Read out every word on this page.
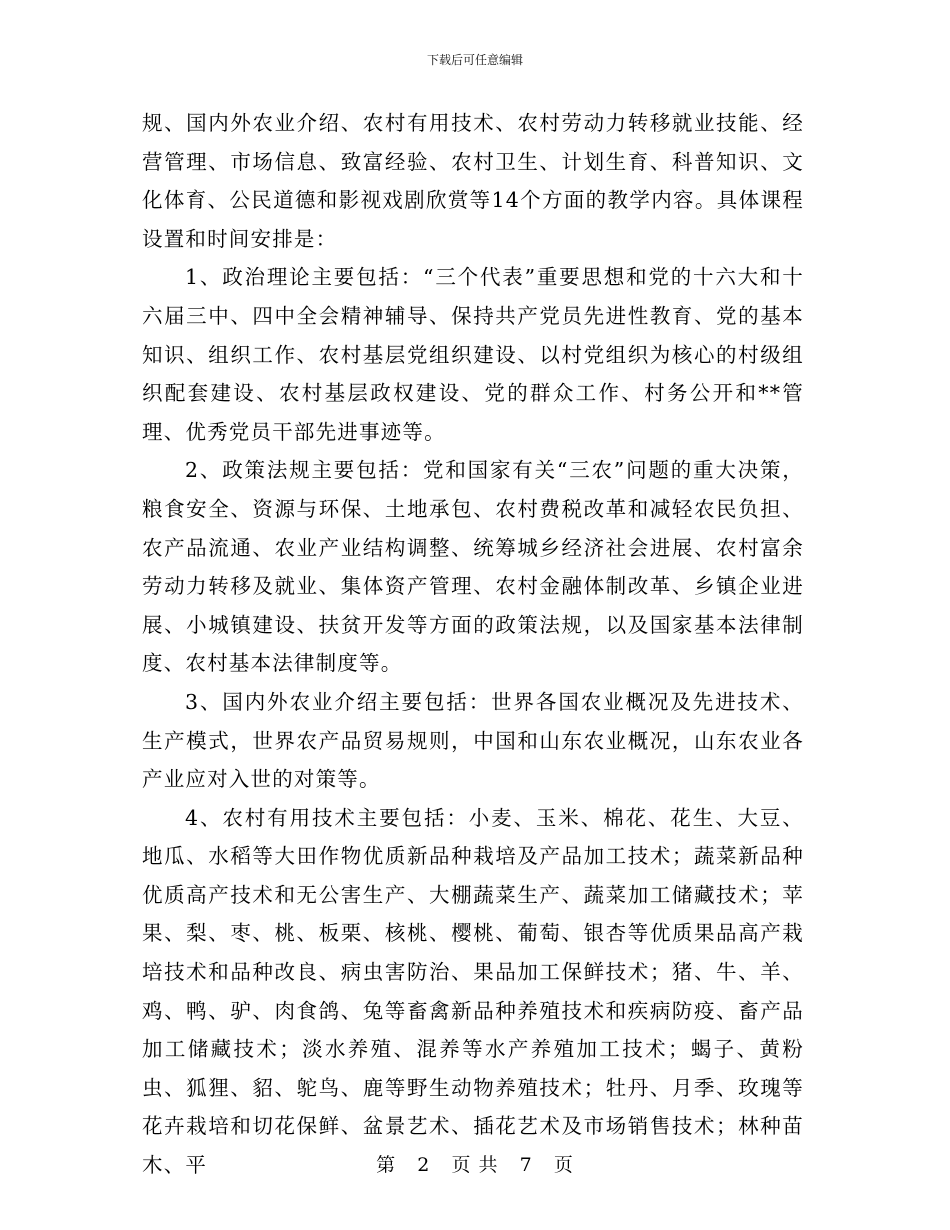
下载后可任意编辑

规、国内外农业介绍、农村有用技术、农村劳动力转移就业技能、经营管理、市场信息、致富经验、农村卫生、计划生育、科普知识、文化体育、公民道德和影视戏剧欣赏等14个方面的教学内容。具体课程设置和时间安排是：

1、政治理论主要包括：“三个代表”重要思想和党的十六大和十六届三中、四中全会精神辅导、保持共产党员先进性教育、党的基本知识、组织工作、农村基层党组织建设、以村党组织为核心的村级组织配套建设、农村基层政权建设、党的群众工作、村务公开和**管理、优秀党员干部先进事迹等。

2、政策法规主要包括：党和国家有关“三农”问题的重大决策，粮食安全、资源与环保、土地承包、农村费税改革和减轻农民负担、农产品流通、农业产业结构调整、统筹城乡经济社会进展、农村富余劳动力转移及就业、集体资产管理、农村金融体制改革、乡镇企业进展、小城镇建设、扶贫开发等方面的政策法规，以及国家基本法律制度、农村基本法律制度等。

3、国内外农业介绍主要包括：世界各国农业概况及先进技术、生产模式，世界农产品贸易规则，中国和山东农业概况，山东农业各产业应对入世的对策等。

4、农村有用技术主要包括：小麦、玉米、棉花、花生、大豆、地瓜、水稻等大田作物优质新品种栽培及产品加工技术；蔬菜新品种优质高产技术和无公害生产、大棚蔬菜生产、蔬菜加工储藏技术；苹果、梨、枣、桃、板栗、核桃、樱桃、葡萄、银杏等优质果品高产栽培技术和品种改良、病虫害防治、果品加工保鲜技术；猪、牛、羊、鸡、鸭、驴、肉食鸽、兔等畜禽新品种养殖技术和疾病防疫、畜产品加工储藏技术；淡水养殖、混养等水产养殖加工技术；蝎子、黄粉虫、狐狸、貂、鸵鸟、鹿等野生动物养殖技术；牡丹、月季、玫瑰等花卉栽培和切花保鲜、盆景艺术、插花艺术及市场销售技术；林种苗木、平	第 2 页 共 7 页
